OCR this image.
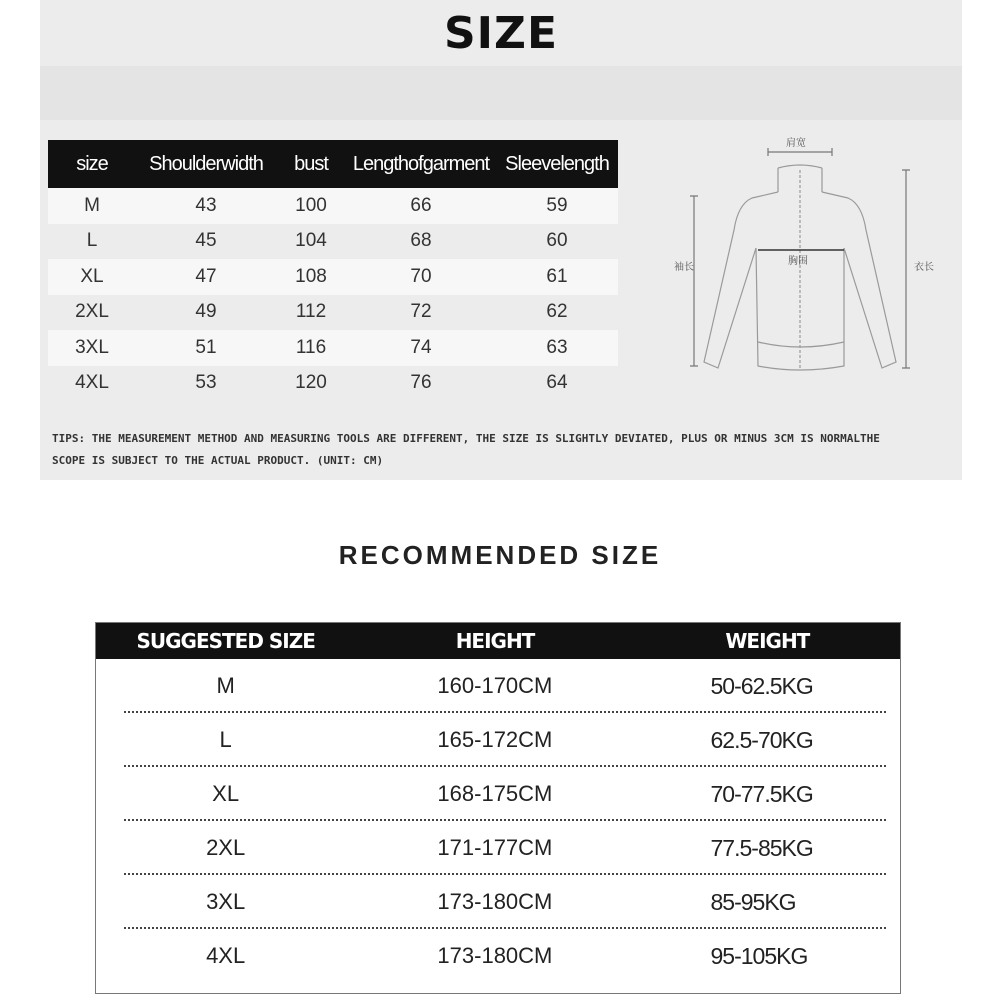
SIZE
size	Shoulderwidth	bust	Lengthofgarment	Sleevelength
M	43	100	66	59
L	45	104	68	60
XL	47	108	70	61
2XL	49	112	72	62
3XL	51	116	74	63
4XL	53	120	76	64
肩宽
胸围
袖长	衣长
TIPS: THE MEASUREMENT METHOD AND MEASURING TOOLS ARE DIFFERENT, THE SIZE IS SLIGHTLY DEVIATED, PLUS OR MINUS 3CM IS NORMALTHE
SCOPE IS SUBJECT TO THE ACTUAL PRODUCT. (UNIT: CM)
RECOMMENDED SIZE
SUGGESTED SIZE	HEIGHT	WEIGHT
M	160-170CM	50-62.5KG
L	165-172CM	62.5-70KG
XL	168-175CM	70-77.5KG
2XL	171-177CM	77.5-85KG
3XL	173-180CM	85-95KG
4XL	173-180CM	95-105KG
